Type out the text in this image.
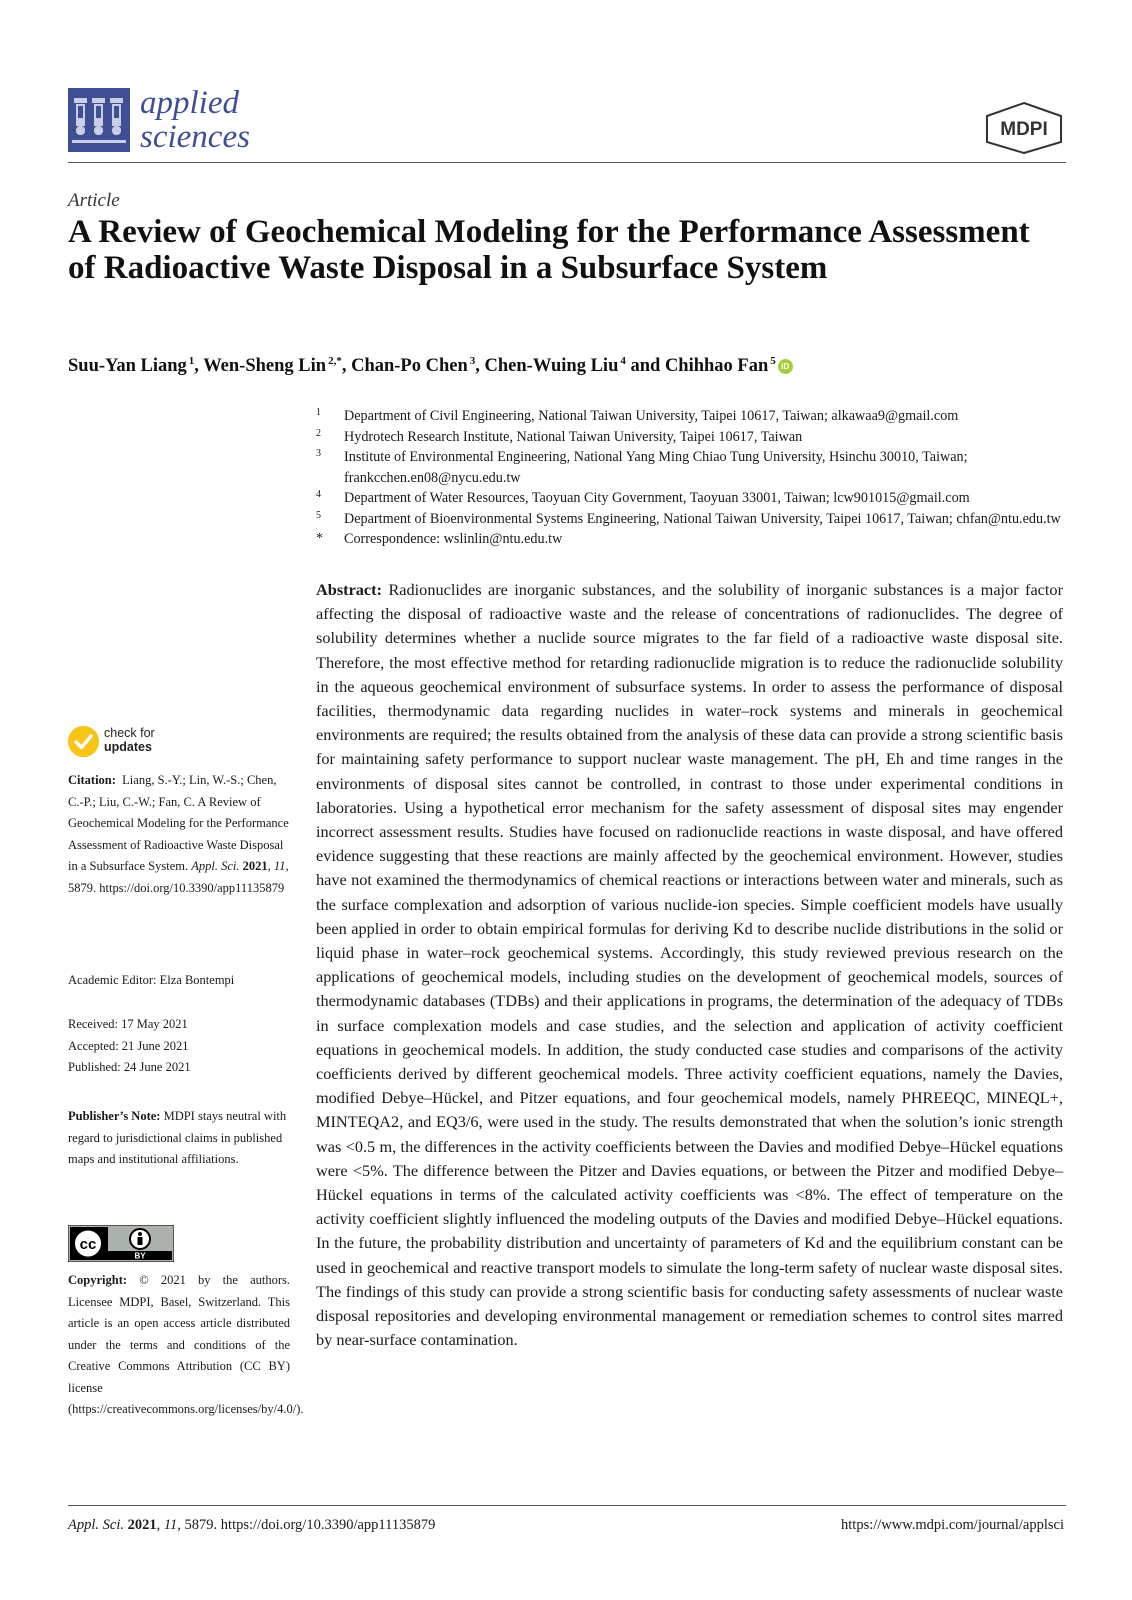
applied
sciences	MDPI
Article
A Review of Geochemical Modeling for the Performance Assessment of Radioactive Waste Disposal in a Subsurface System
Suu-Yan Liang $^1$, Wen-Sheng Lin $^{2,*}$, Chan-Po Chen $^3$, Chen-Wuing Liu $^4$ and Chihhao Fan $^5$ iD
1	Department of Civil Engineering, National Taiwan University, Taipei 10617, Taiwan; alkawaa9@gmail.com
2	Hydrotech Research Institute, National Taiwan University, Taipei 10617, Taiwan
3	Institute of Environmental Engineering, National Yang Ming Chiao Tung University, Hsinchu 30010, Taiwan; frankcchen.en08@nycu.edu.tw
4	Department of Water Resources, Taoyuan City Government, Taoyuan 33001, Taiwan; lcw901015@gmail.com
5	Department of Bioenvironmental Systems Engineering, National Taiwan University, Taipei 10617, Taiwan; chfan@ntu.edu.tw
*	Correspondence: wslinlin@ntu.edu.tw
Abstract: Radionuclides are inorganic substances, and the solubility of inorganic substances is a major factor affecting the disposal of radioactive waste and the release of concentrations of radionuclides. The degree of solubility determines whether a nuclide source migrates to the far field of a radioactive waste disposal site. Therefore, the most effective method for retarding radionuclide migration is to reduce the radionuclide solubility in the aqueous geochemical environment of subsurface systems. In order to assess the performance of disposal facilities, thermodynamic data regarding nuclides in water–rock systems and minerals in geochemical environments are required; the results obtained from the analysis of these data can provide a strong scientific basis for maintaining safety performance to support nuclear waste management. The pH, Eh and time ranges in the environments of disposal sites cannot be controlled, in contrast to those under experimental conditions in laboratories. Using a hypothetical error mechanism for the safety assessment of disposal sites may engender incorrect assessment results. Studies have focused on radionuclide reactions in waste disposal, and have offered evidence suggesting that these reactions are mainly affected by the geochemical environment. However, studies have not examined the thermodynamics of chemical reactions or interactions between water and minerals, such as the surface complexation and adsorption of various nuclide-ion species. Simple coefficient models have usually been applied in order to obtain empirical formulas for deriving Kd to describe nuclide distributions in the solid or liquid phase in water–rock geochemical systems. Accordingly, this study reviewed previous research on the applications of geochemical models, including studies on the development of geochemical models, sources of thermodynamic databases (TDBs) and their applications in programs, the determination of the adequacy of TDBs in surface complexation models and case studies, and the selection and application of activity coefficient equations in geochemical models. In addition, the study conducted case studies and comparisons of the activity coefficients derived by different geochemical models. Three activity coefficient equations, namely the Davies, modified Debye–Hückel, and Pitzer equations, and four geochemical models, namely PHREEQC, MINEQL+, MINTEQA2, and EQ3/6, were used in the study. The results demonstrated that when the solution’s ionic strength was <0.5 m, the differences in the activity coefficients between the Davies and modified Debye–Hückel equations were <5%. The difference between the Pitzer and Davies equations, or between the Pitzer and modified Debye–Hückel equations in terms of the calculated activity coefficients was <8%. The effect of temperature on the activity coefficient slightly influenced the modeling outputs of the Davies and modified Debye–Hückel equations. In the future, the probability distribution and uncertainty of parameters of Kd and the equilibrium constant can be used in geochemical and reactive transport models to simulate the long-term safety of nuclear waste disposal sites. The findings of this study can provide a strong scientific basis for conducting safety assessments of nuclear waste disposal repositories and developing environmental management or remediation schemes to control sites marred by near-surface contamination.
check for
updates
Citation: Liang, S.-Y.; Lin, W.-S.; Chen, C.-P.; Liu, C.-W.; Fan, C. A Review of Geochemical Modeling for the Performance Assessment of Radioactive Waste Disposal in a Subsurface System. Appl. Sci. 2021, 11, 5879. https://doi.org/10.3390/app11135879
Academic Editor: Elza Bontempi
Received: 17 May 2021
Accepted: 21 June 2021
Published: 24 June 2021
Publisher’s Note: MDPI stays neutral with regard to jurisdictional claims in published maps and institutional affiliations.
cc
BY
Copyright: © 2021 by the authors. Licensee MDPI, Basel, Switzerland. This article is an open access article distributed under the terms and conditions of the Creative Commons Attribution (CC BY) license (https://creativecommons.org/licenses/by/4.0/).
Appl. Sci. 2021, 11, 5879. https://doi.org/10.3390/app11135879	https://www.mdpi.com/journal/applsci
